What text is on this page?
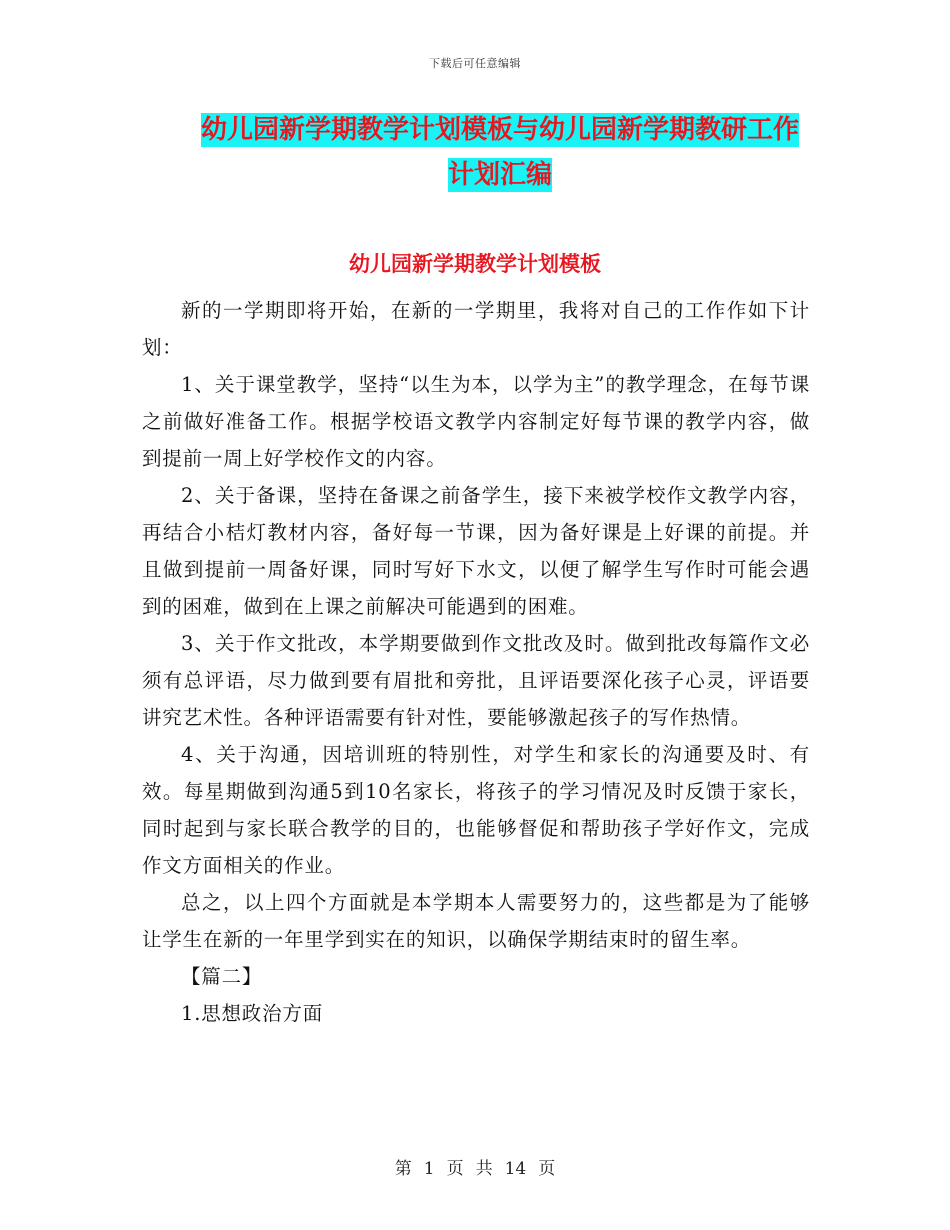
下载后可任意编辑
幼儿园新学期教学计划模板与幼儿园新学期教研工作
计划汇编
幼儿园新学期教学计划模板

新的一学期即将开始，在新的一学期里，我将对自己的工作作如下计划：

1、关于课堂教学，坚持“以生为本，以学为主”的教学理念，在每节课之前做好准备工作。根据学校语文教学内容制定好每节课的教学内容，做到提前一周上好学校作文的内容。

2、关于备课，坚持在备课之前备学生，接下来被学校作文教学内容，再结合小桔灯教材内容，备好每一节课，因为备好课是上好课的前提。并且做到提前一周备好课，同时写好下水文，以便了解学生写作时可能会遇到的困难，做到在上课之前解决可能遇到的困难。

3、关于作文批改，本学期要做到作文批改及时。做到批改每篇作文必须有总评语，尽力做到要有眉批和旁批，且评语要深化孩子心灵，评语要讲究艺术性。各种评语需要有针对性，要能够激起孩子的写作热情。

4、关于沟通，因培训班的特别性，对学生和家长的沟通要及时、有效。每星期做到沟通5到10名家长，将孩子的学习情况及时反馈于家长，同时起到与家长联合教学的目的，也能够督促和帮助孩子学好作文，完成作文方面相关的作业。

总之，以上四个方面就是本学期本人需要努力的，这些都是为了能够让学生在新的一年里学到实在的知识，以确保学期结束时的留生率。

【篇二】

1.思想政治方面

第 1 页 共 14 页
